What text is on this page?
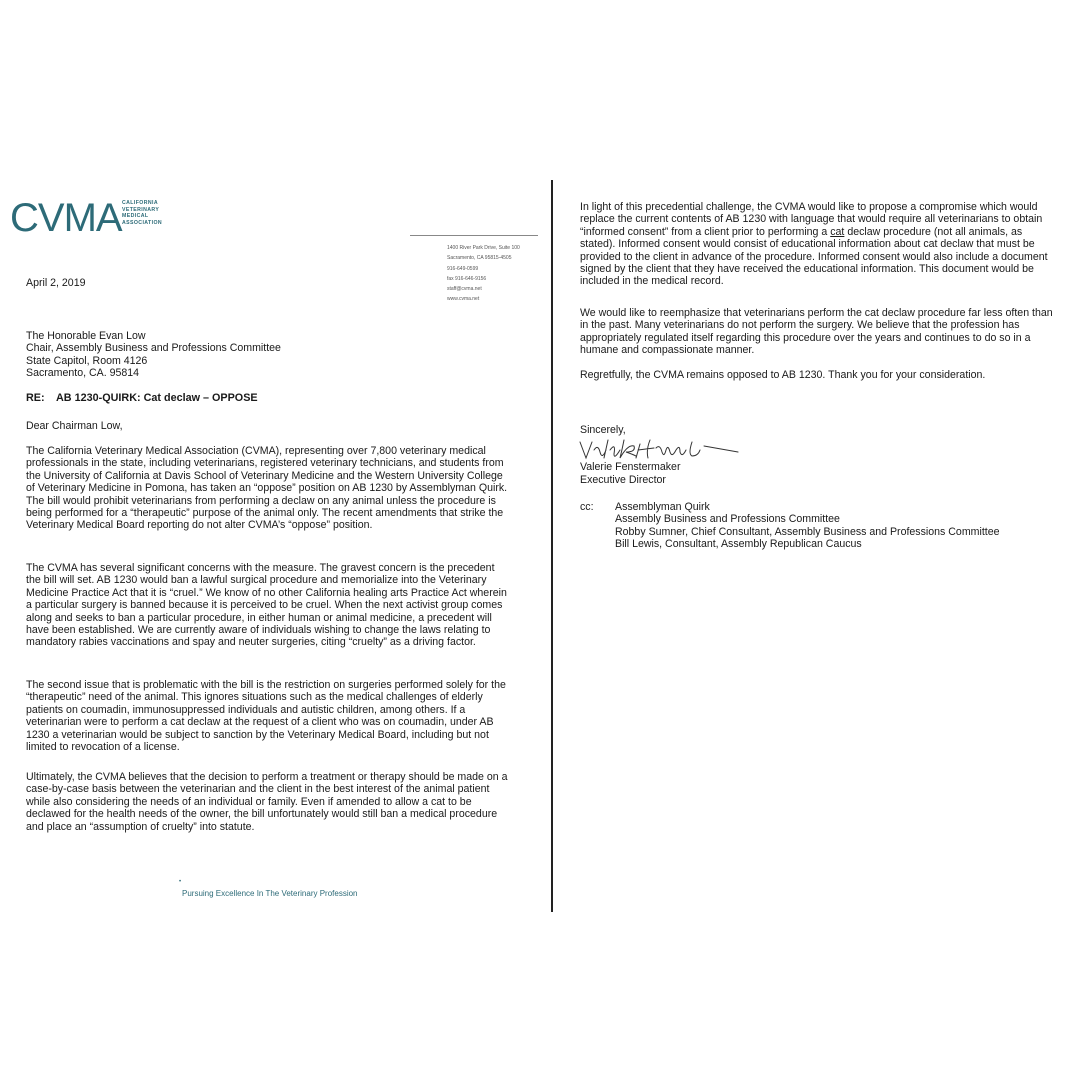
CVMA CALIFORNIA
VETERINARY
MEDICAL
ASSOCIATION
1400 River Park Drive, Suite 100
Sacramento, CA 95815-4505
916-649-0599
fax 916-646-9156
staff@cvma.net
www.cvma.net
April 2, 2019
The Honorable Evan Low
Chair, Assembly Business and Professions Committee
State Capitol, Room 4126
Sacramento, CA. 95814
RE: AB 1230-QUIRK: Cat declaw – OPPOSE
Dear Chairman Low,
The California Veterinary Medical Association (CVMA), representing over 7,800 veterinary medical professionals in the state, including veterinarians, registered veterinary technicians, and students from the University of California at Davis School of Veterinary Medicine and the Western University College of Veterinary Medicine in Pomona, has taken an “oppose” position on AB 1230 by Assemblyman Quirk. The bill would prohibit veterinarians from performing a declaw on any animal unless the procedure is being performed for a “therapeutic” purpose of the animal only. The recent amendments that strike the Veterinary Medical Board reporting do not alter CVMA’s “oppose” position.
The CVMA has several significant concerns with the measure. The gravest concern is the precedent the bill will set. AB 1230 would ban a lawful surgical procedure and memorialize into the Veterinary Medicine Practice Act that it is “cruel.” We know of no other California healing arts Practice Act wherein a particular surgery is banned because it is perceived to be cruel. When the next activist group comes along and seeks to ban a particular procedure, in either human or animal medicine, a precedent will have been established. We are currently aware of individuals wishing to change the laws relating to mandatory rabies vaccinations and spay and neuter surgeries, citing “cruelty” as a driving factor.
The second issue that is problematic with the bill is the restriction on surgeries performed solely for the “therapeutic” need of the animal. This ignores situations such as the medical challenges of elderly patients on coumadin, immunosuppressed individuals and autistic children, among others. If a veterinarian were to perform a cat declaw at the request of a client who was on coumadin, under AB 1230 a veterinarian would be subject to sanction by the Veterinary Medical Board, including but not limited to revocation of a license.
Ultimately, the CVMA believes that the decision to perform a treatment or therapy should be made on a case-by-case basis between the veterinarian and the client in the best interest of the animal patient while also considering the needs of an individual or family. Even if amended to allow a cat to be declawed for the health needs of the owner, the bill unfortunately would still ban a medical procedure and place an “assumption of cruelty” into statute.
•
Pursuing Excellence In The Veterinary Profession
In light of this precedential challenge, the CVMA would like to propose a compromise which would replace the current contents of AB 1230 with language that would require all veterinarians to obtain “informed consent” from a client prior to performing a cat declaw procedure (not all animals, as stated). Informed consent would consist of educational information about cat declaw that must be provided to the client in advance of the procedure. Informed consent would also include a document signed by the client that they have received the educational information. This document would be included in the medical record.
We would like to reemphasize that veterinarians perform the cat declaw procedure far less often than in the past. Many veterinarians do not perform the surgery. We believe that the profession has appropriately regulated itself regarding this procedure over the years and continues to do so in a humane and compassionate manner.
Regretfully, the CVMA remains opposed to AB 1230. Thank you for your consideration.
Sincerely,
Valerie Fenstermaker
Executive Director
cc: Assemblyman Quirk
Assembly Business and Professions Committee
Robby Sumner, Chief Consultant, Assembly Business and Professions Committee
Bill Lewis, Consultant, Assembly Republican Caucus
